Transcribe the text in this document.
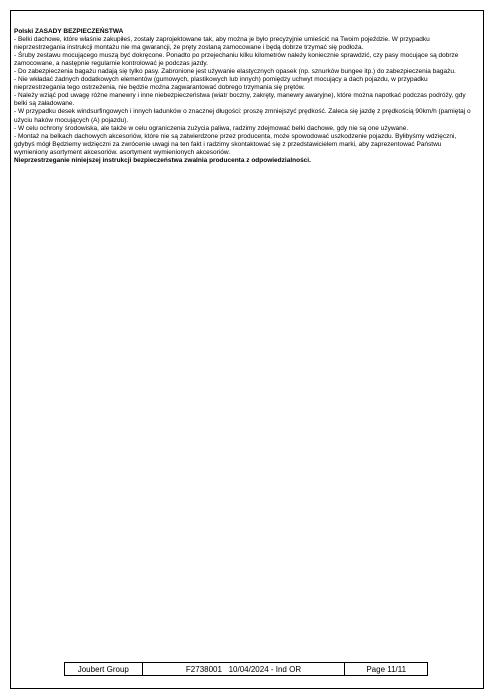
Polski ZASADY BEZPIECZEŃSTWA

- Belki dachowe, które właśnie zakupiłeś, zostały zaprojektowane tak, aby można je było precyzyjnie umieścić na Twoim pojeździe. W przypadku nieprzestrzegania instrukcji montażu nie ma gwarancji, że pręty zostaną zamocowane i będą dobrze trzymać się podłoża.

- Śruby zestawu mocującego muszą być dokręcone. Ponadto po przejechaniu kilku kilometrów należy koniecznie sprawdzić, czy pasy mocujące są dobrze zamocowane, a następnie regularnie kontrolować je podczas jazdy.

- Do zabezpieczenia bagażu nadają się tylko pasy. Zabronione jest używanie elastycznych opasek (np. sznurków bungee itp.) do zabezpieczenia bagażu.

- Nie wkładać żadnych dodatkowych elementów (gumowych, plastikowych lub innych) pomiędzy uchwyt mocujący a dach pojazdu, w przypadku nieprzestrzegania tego ostrzeżenia, nie będzie można zagwarantować dobrego trzymania się prętów.

- Należy wziąć pod uwagę różne manewry i inne niebezpieczeństwa (wiatr boczny, zakręty, manewry awaryjne), które można napotkać podczas podróży, gdy belki są załadowane.

- W przypadku desek windsurfingowych i innych ładunków o znacznej długości: proszę zmniejszyć prędkość. Zaleca się jazdę z prędkością 90km/h (pamiętaj o użyciu haków mocujących (A) pojazdu).

- W celu ochrony środowiska, ale także w celu ograniczenia zużycia paliwa, radzimy zdejmować belki dachowe, gdy nie są one używane.

- Montaż na belkach dachowych akcesoriów, które nie są zatwierdzone przez producenta, może spowodować uszkodzenie pojazdu. Byłibyśmy wdzięczni, gdybyś mógł Będziemy wdzięczni za zwrócenie uwagi na ten fakt i radzimy skontaktować się z przedstawicielem marki, aby zaprezentować Państwu wymieniony asortyment akcesoriów. asortyment wymienionych akcesoriów.

Nieprzestrzeganie niniejszej instrukcji bezpieczeństwa zwalnia producenta z odpowiedzialności.

Joubert Group	F2738001   10/04/2024 - Ind OR	Page 11/11
